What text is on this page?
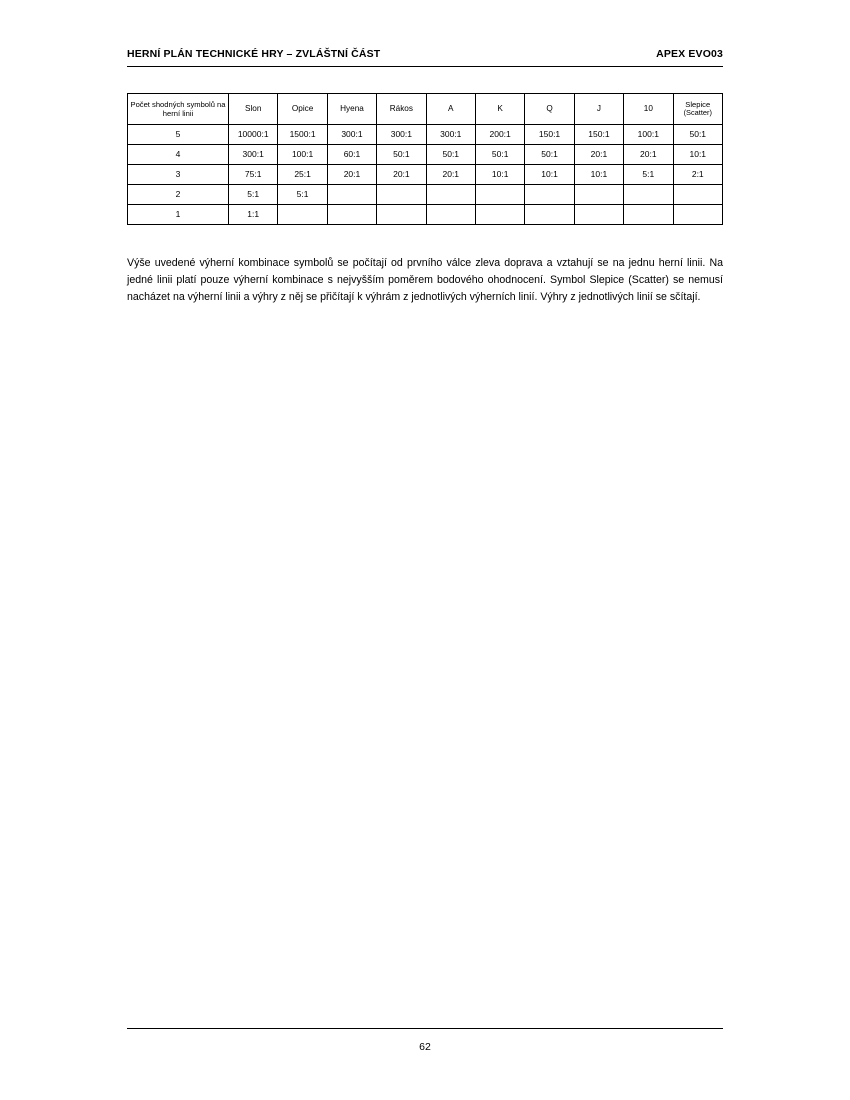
HERNÍ PLÁN TECHNICKÉ HRY – ZVLÁŠTNÍ ČÁST	APEX EVO03
Počet shodných symbolů na herní linii	Slon	Opice	Hyena	Rákos	A	K	Q	J	10	Slepice
(Scatter)

5	10000:1	1500:1	300:1	300:1	300:1	200:1	150:1	150:1	100:1	50:1
4	300:1	100:1	60:1	50:1	50:1	50:1	50:1	20:1	20:1	10:1
3	75:1	25:1	20:1	20:1	20:1	10:1	10:1	10:1	5:1	2:1
2	5:1	5:1								
1	1:1									

Výše uvedené výherní kombinace symbolů se počítají od prvního válce zleva doprava a vztahují se na jednu herní linii. Na jedné linii platí pouze výherní kombinace s nejvyšším poměrem bodového ohodnocení. Symbol Slepice (Scatter) se nemusí nacházet na výherní linii a výhry z něj se přičítají k výhrám z jednotlivých výherních linií. Výhry z jednotlivých linií se sčítají.

62
